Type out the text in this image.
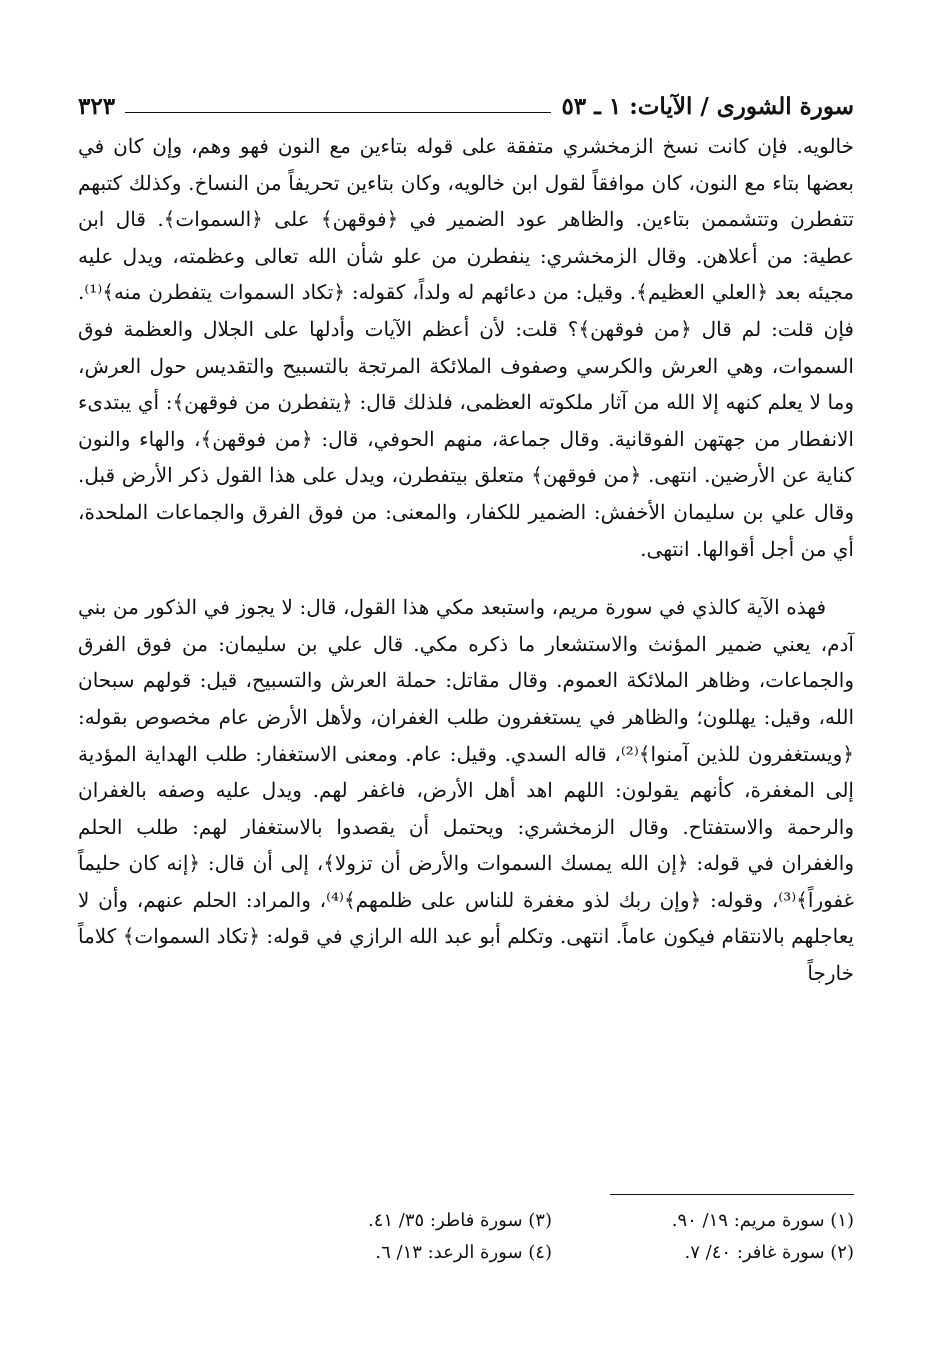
سورة الشورى / الآيات: ١ ـ ٥٣
٣٢٣

خالويه. فإن كانت نسخ الزمخشري متفقة على قوله بتاءين مع النون فهو وهم، وإن كان في بعضها بتاء مع النون، كان موافقاً لقول ابن خالويه، وكان بتاءين تحريفاً من النساخ. وكذلك كتبهم تتفطرن وتتشممن بتاءين. والظاهر عود الضمير في ﴿فوقهن﴾ على ﴿السموات﴾. قال ابن عطية: من أعلاهن. وقال الزمخشري: ينفطرن من علو شأن الله تعالى وعظمته، ويدل عليه مجيئه بعد ﴿العلي العظيم﴾. وقيل: من دعائهم له ولداً، كقوله: ﴿تكاد السموات يتفطرن منه﴾⁽¹⁾. فإن قلت: لم قال ﴿من فوقهن﴾؟ قلت: لأن أعظم الآيات وأدلها على الجلال والعظمة فوق السموات، وهي العرش والكرسي وصفوف الملائكة المرتجة بالتسبيح والتقديس حول العرش، وما لا يعلم كنهه إلا الله من آثار ملكوته العظمى، فلذلك قال: ﴿يتفطرن من فوقهن﴾: أي يبتدىء الانفطار من جهتهن الفوقانية. وقال جماعة، منهم الحوفي، قال: ﴿من فوقهن﴾، والهاء والنون كناية عن الأرضين. انتهى. ﴿من فوقهن﴾ متعلق بيتفطرن، ويدل على هذا القول ذكر الأرض قبل. وقال علي بن سليمان الأخفش: الضمير للكفار، والمعنى: من فوق الفرق والجماعات الملحدة، أي من أجل أقوالها. انتهى.

فهذه الآية كالذي في سورة مريم، واستبعد مكي هذا القول، قال: لا يجوز في الذكور من بني آدم، يعني ضمير المؤنث والاستشعار ما ذكره مكي. قال علي بن سليمان: من فوق الفرق والجماعات، وظاهر الملائكة العموم. وقال مقاتل: حملة العرش والتسبيح، قيل: قولهم سبحان الله، وقيل: يهللون؛ والظاهر في يستغفرون طلب الغفران، ولأهل الأرض عام مخصوص بقوله: ﴿ويستغفرون للذين آمنوا﴾⁽²⁾، قاله السدي. وقيل: عام. ومعنى الاستغفار: طلب الهداية المؤدية إلى المغفرة، كأنهم يقولون: اللهم اهد أهل الأرض، فاغفر لهم. ويدل عليه وصفه بالغفران والرحمة والاستفتاح. وقال الزمخشري: ويحتمل أن يقصدوا بالاستغفار لهم: طلب الحلم والغفران في قوله: ﴿إن الله يمسك السموات والأرض أن تزولا﴾، إلى أن قال: ﴿إنه كان حليماً غفوراً﴾⁽³⁾، وقوله: ﴿وإن ربك لذو مغفرة للناس على ظلمهم﴾⁽⁴⁾، والمراد: الحلم عنهم، وأن لا يعاجلهم بالانتقام فيكون عاماً. انتهى. وتكلم أبو عبد الله الرازي في قوله: ﴿تكاد السموات﴾ كلاماً خارجاً

(١) سورة مريم: ١٩/ ٩٠.
(٣) سورة فاطر: ٣٥/ ٤١.
(٢) سورة غافر: ٤٠/ ٧.
(٤) سورة الرعد: ١٣/ ٦.
